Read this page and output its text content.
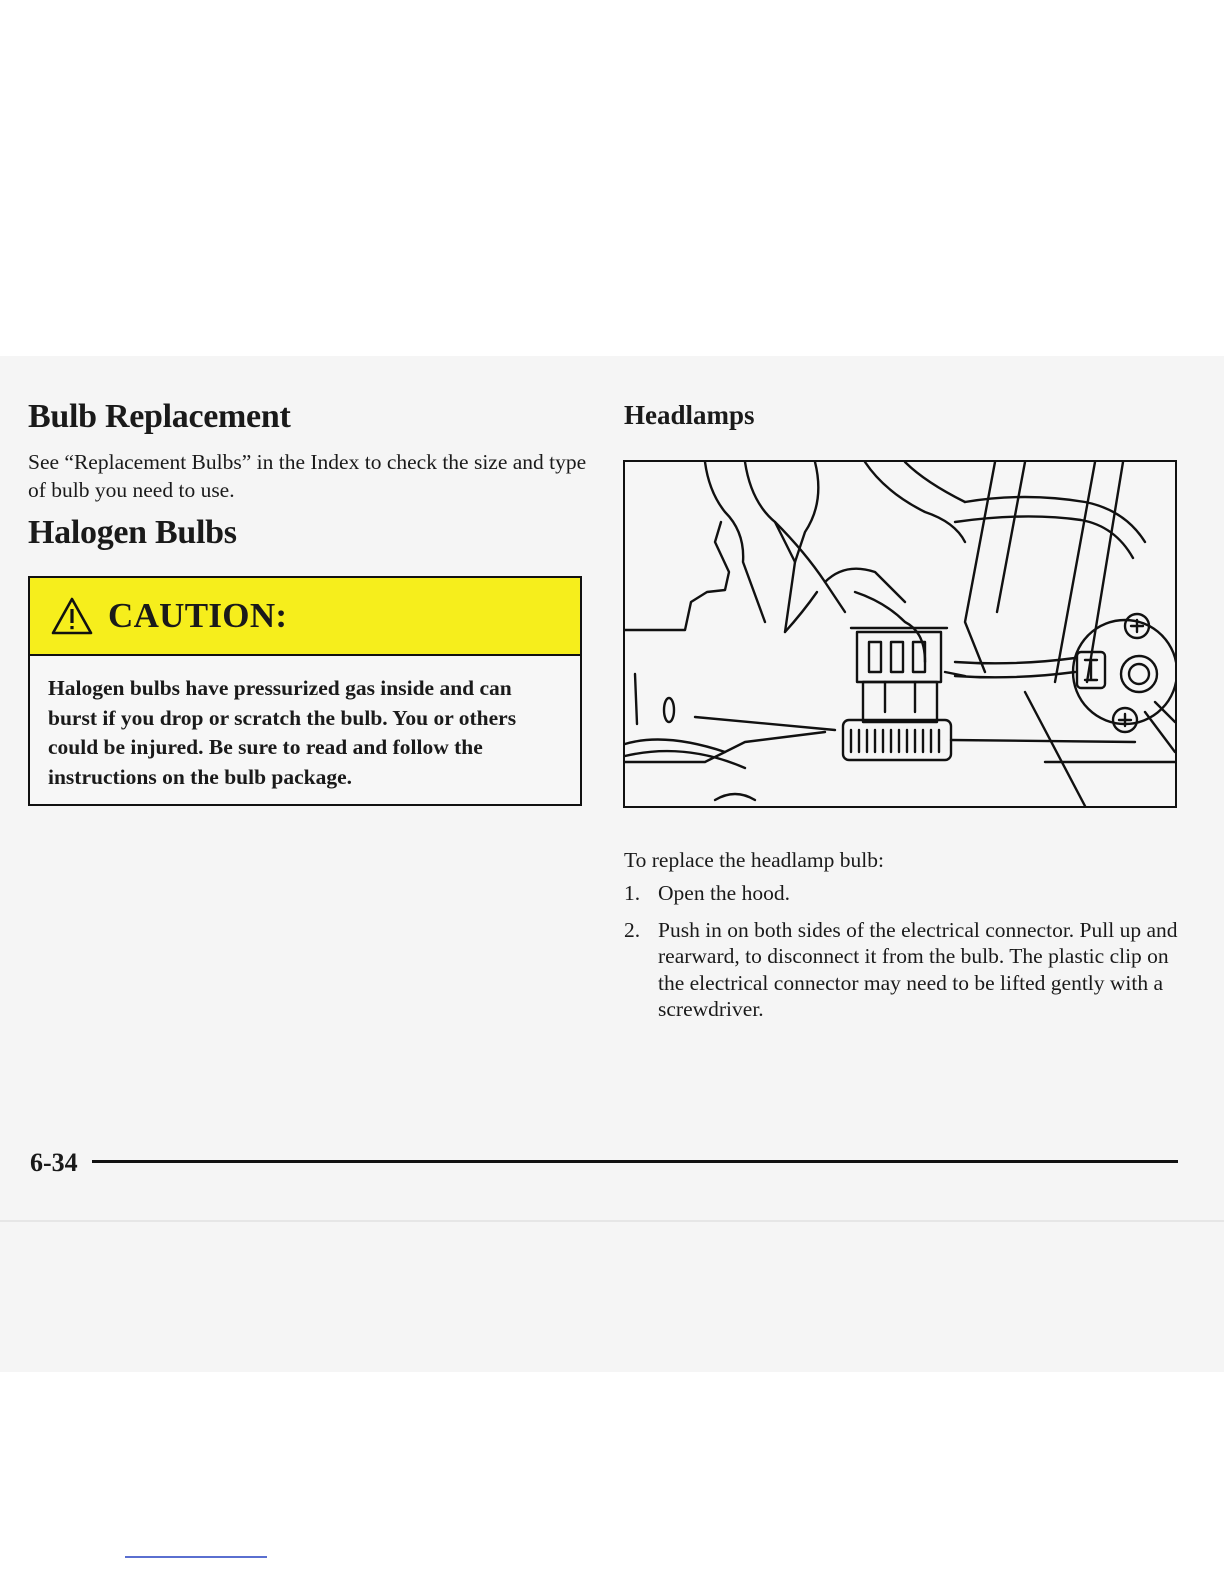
Bulb Replacement

See “Replacement Bulbs” in the Index to check the size and type of bulb you need to use.

Halogen Bulbs
CAUTION:
Halogen bulbs have pressurized gas inside and can burst if you drop or scratch the bulb. You or others could be injured. Be sure to read and follow the instructions on the bulb package.
Headlamps

To replace the headlamp bulb:

1. Open the hood.
2. Push in on both sides of the electrical connector. Pull up and rearward, to disconnect it from the bulb. The plastic clip on the electrical connector may need to be lifted gently with a screwdriver.
6-34
